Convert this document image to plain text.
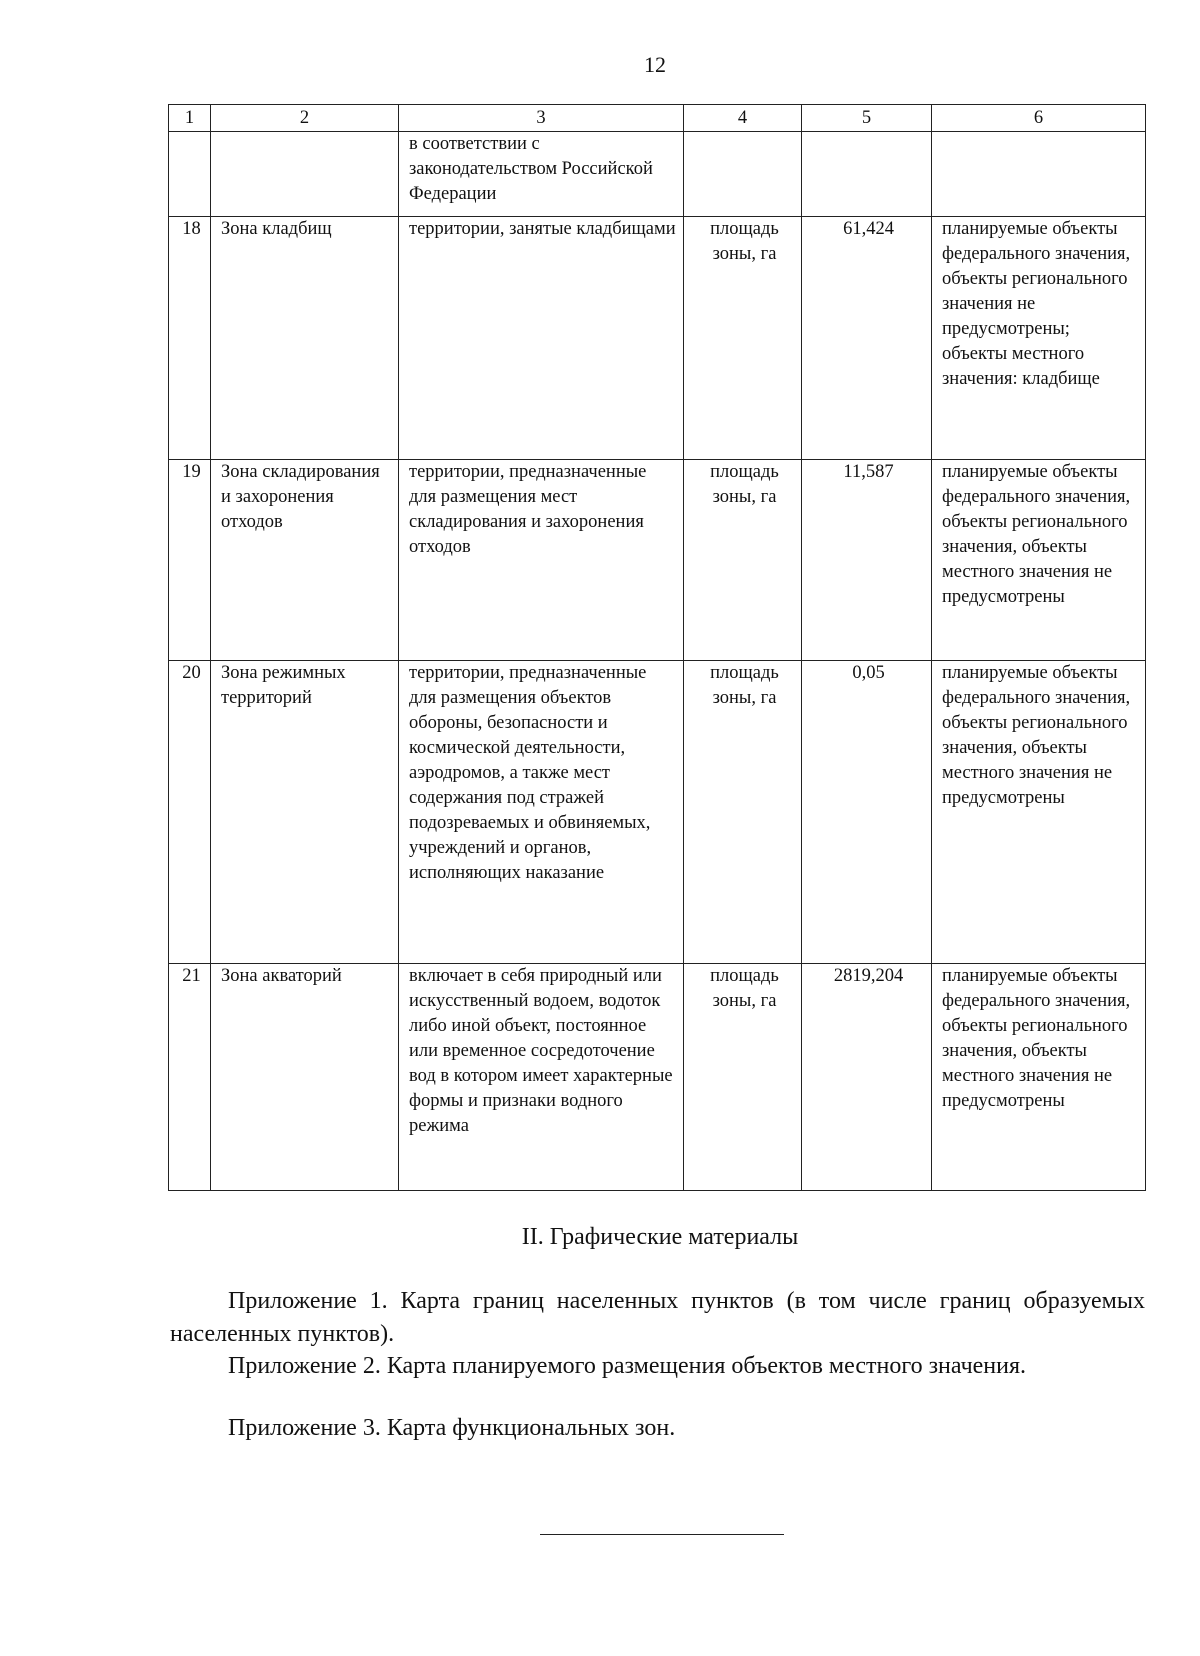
12
1	2	3	4	5	6
		в соответствии с законодательством Российской Федерации			
18	Зона кладбищ	территории, занятые кладбищами	площадь зоны, га	61,424	планируемые объекты федерального значения, объекты регионального значения не предусмотрены; объекты местного значения: кладбище
19	Зона складирования и захоронения отходов	территории, предназначенные для размещения мест складирования и захоронения отходов	площадь зоны, га	11,587	планируемые объекты федерального значения, объекты регионального значения, объекты местного значения не предусмотрены
20	Зона режимных территорий	территории, предназначенные для размещения объектов обороны, безопасности и космической деятельности, аэродромов, а также мест содержания под стражей подозреваемых и обвиняемых, учреждений и органов, исполняющих наказание	площадь зоны, га	0,05	планируемые объекты федерального значения, объекты регионального значения, объекты местного значения не предусмотрены
21	Зона акваторий	включает в себя природный или искусственный водоем, водоток либо иной объект, постоянное или временное сосредоточение вод в котором имеет характерные формы и признаки водного режима	площадь зоны, га	2819,204	планируемые объекты федерального значения, объекты регионального значения, объекты местного значения не предусмотрены
II. Графические материалы

Приложение 1. Карта границ населенных пунктов (в том числе границ образуемых населенных пунктов).

Приложение 2. Карта планируемого размещения объектов местного значения.

Приложение 3. Карта функциональных зон.
